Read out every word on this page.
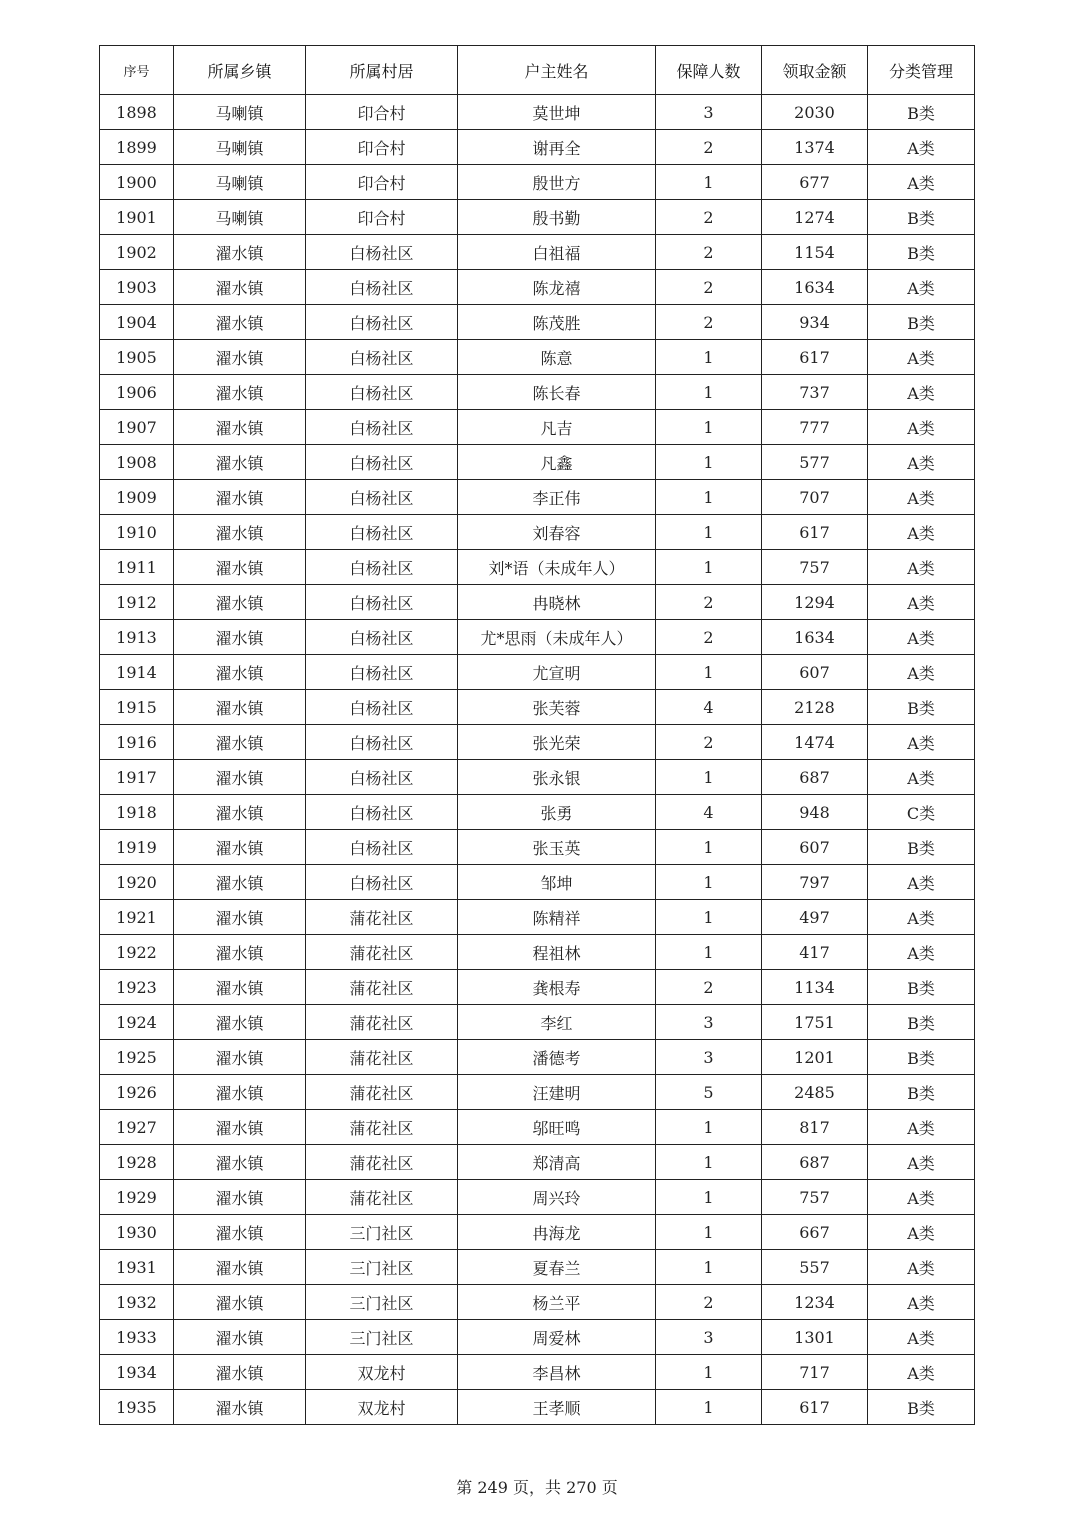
序号	所属乡镇	所属村居	户主姓名	保障人数	领取金额	分类管理
1898	马喇镇	印合村	莫世坤	3	2030	B类
1899	马喇镇	印合村	谢再全	2	1374	A类
1900	马喇镇	印合村	殷世方	1	677	A类
1901	马喇镇	印合村	殷书勤	2	1274	B类
1902	濯水镇	白杨社区	白祖福	2	1154	B类
1903	濯水镇	白杨社区	陈龙禧	2	1634	A类
1904	濯水镇	白杨社区	陈茂胜	2	934	B类
1905	濯水镇	白杨社区	陈意	1	617	A类
1906	濯水镇	白杨社区	陈长春	1	737	A类
1907	濯水镇	白杨社区	凡吉	1	777	A类
1908	濯水镇	白杨社区	凡鑫	1	577	A类
1909	濯水镇	白杨社区	李正伟	1	707	A类
1910	濯水镇	白杨社区	刘春容	1	617	A类
1911	濯水镇	白杨社区	刘*语（未成年人）	1	757	A类
1912	濯水镇	白杨社区	冉晓林	2	1294	A类
1913	濯水镇	白杨社区	尤*思雨（未成年人）	2	1634	A类
1914	濯水镇	白杨社区	尤宣明	1	607	A类
1915	濯水镇	白杨社区	张芙蓉	4	2128	B类
1916	濯水镇	白杨社区	张光荣	2	1474	A类
1917	濯水镇	白杨社区	张永银	1	687	A类
1918	濯水镇	白杨社区	张勇	4	948	C类
1919	濯水镇	白杨社区	张玉英	1	607	B类
1920	濯水镇	白杨社区	邹坤	1	797	A类
1921	濯水镇	蒲花社区	陈精祥	1	497	A类
1922	濯水镇	蒲花社区	程祖林	1	417	A类
1923	濯水镇	蒲花社区	龚根寿	2	1134	B类
1924	濯水镇	蒲花社区	李红	3	1751	B类
1925	濯水镇	蒲花社区	潘德考	3	1201	B类
1926	濯水镇	蒲花社区	汪建明	5	2485	B类
1927	濯水镇	蒲花社区	邬旺鸣	1	817	A类
1928	濯水镇	蒲花社区	郑清高	1	687	A类
1929	濯水镇	蒲花社区	周兴玲	1	757	A类
1930	濯水镇	三门社区	冉海龙	1	667	A类
1931	濯水镇	三门社区	夏春兰	1	557	A类
1932	濯水镇	三门社区	杨兰平	2	1234	A类
1933	濯水镇	三门社区	周爱林	3	1301	A类
1934	濯水镇	双龙村	李昌林	1	717	A类
1935	濯水镇	双龙村	王孝顺	1	617	B类
第 249 页，共 270 页
